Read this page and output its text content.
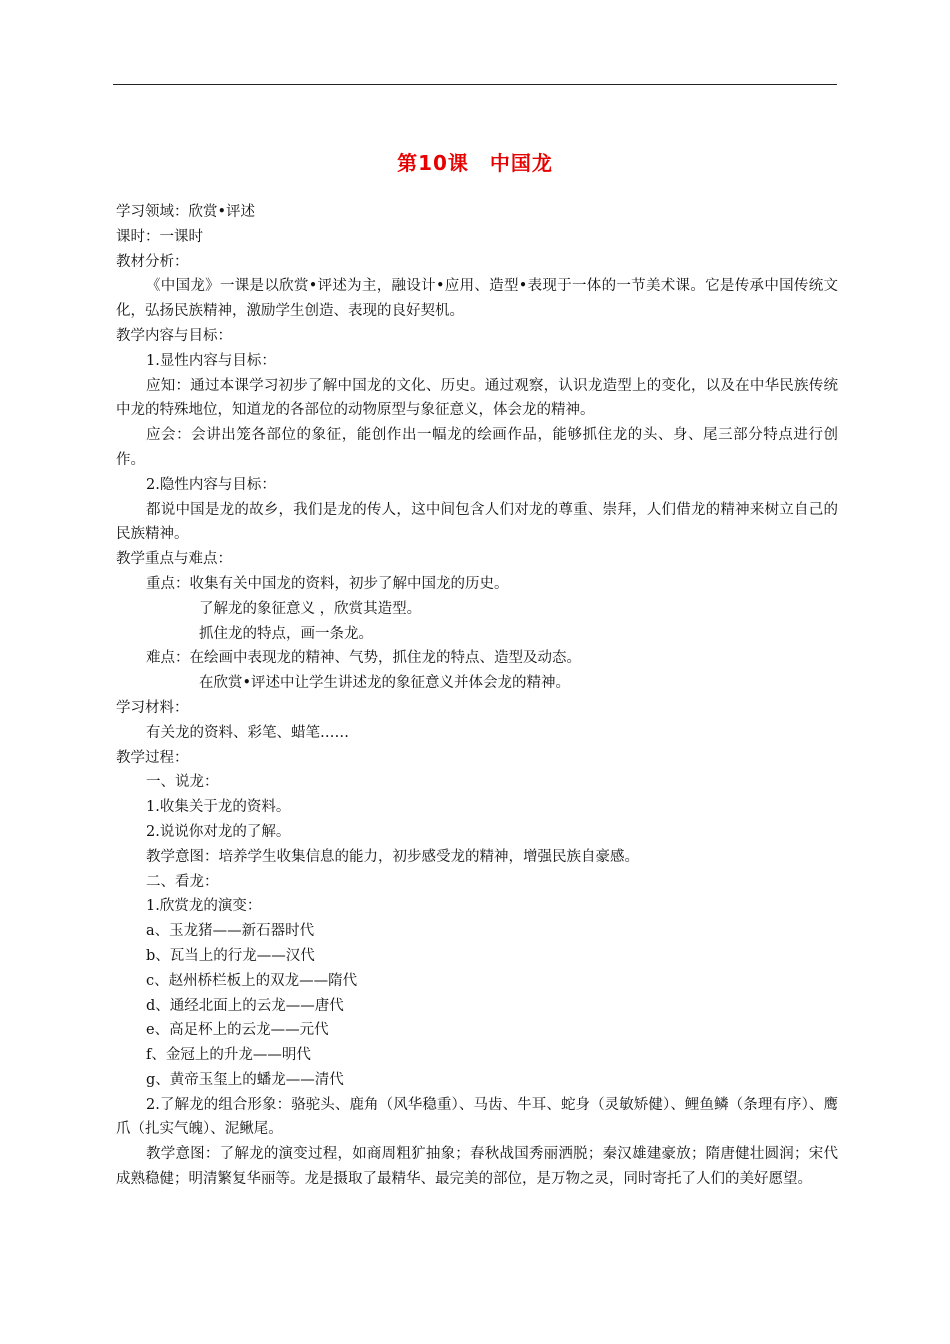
第10课　中国龙

学习领域：欣赏•评述

课时：一课时

教材分析：

《中国龙》一课是以欣赏•评述为主，融设计•应用、造型•表现于一体的一节美术课。它是传承中国传统文化，弘扬民族精神，激励学生创造、表现的良好契机。

教学内容与目标：

1.显性内容与目标：

应知：通过本课学习初步了解中国龙的文化、历史。通过观察，认识龙造型上的变化，以及在中华民族传统中龙的特殊地位，知道龙的各部位的动物原型与象征意义，体会龙的精神。

应会：会讲出笼各部位的象征，能创作出一幅龙的绘画作品，能够抓住龙的头、身、尾三部分特点进行创作。

2.隐性内容与目标：

都说中国是龙的故乡，我们是龙的传人，这中间包含人们对龙的尊重、崇拜，人们借龙的精神来树立自己的民族精神。

教学重点与难点：

重点：收集有关中国龙的资料，初步了解中国龙的历史。

了解龙的象征意义 ，欣赏其造型。

抓住龙的特点，画一条龙。

难点：在绘画中表现龙的精神、气势，抓住龙的特点、造型及动态。

在欣赏•评述中让学生讲述龙的象征意义并体会龙的精神。

学习材料：

有关龙的资料、彩笔、蜡笔……

教学过程：

一、说龙：

1.收集关于龙的资料。

2.说说你对龙的了解。

教学意图：培养学生收集信息的能力，初步感受龙的精神，增强民族自豪感。

二、看龙：

1.欣赏龙的演变：

a、玉龙猪——新石器时代

b、瓦当上的行龙——汉代

c、赵州桥栏板上的双龙——隋代

d、通经北面上的云龙——唐代

e、高足杯上的云龙——元代

f、金冠上的升龙——明代

g、黄帝玉玺上的蟠龙——清代

2.了解龙的组合形象：骆驼头、鹿角（风华稳重）、马齿、牛耳、蛇身（灵敏矫健）、鲤鱼鳞（条理有序）、鹰爪（扎实气魄）、泥鳅尾。

教学意图：了解龙的演变过程，如商周粗犷抽象；春秋战国秀丽洒脱；秦汉雄建豪放；隋唐健壮圆润；宋代成熟稳健；明清繁复华丽等。龙是摄取了最精华、最完美的部位，是万物之灵，同时寄托了人们的美好愿望。
